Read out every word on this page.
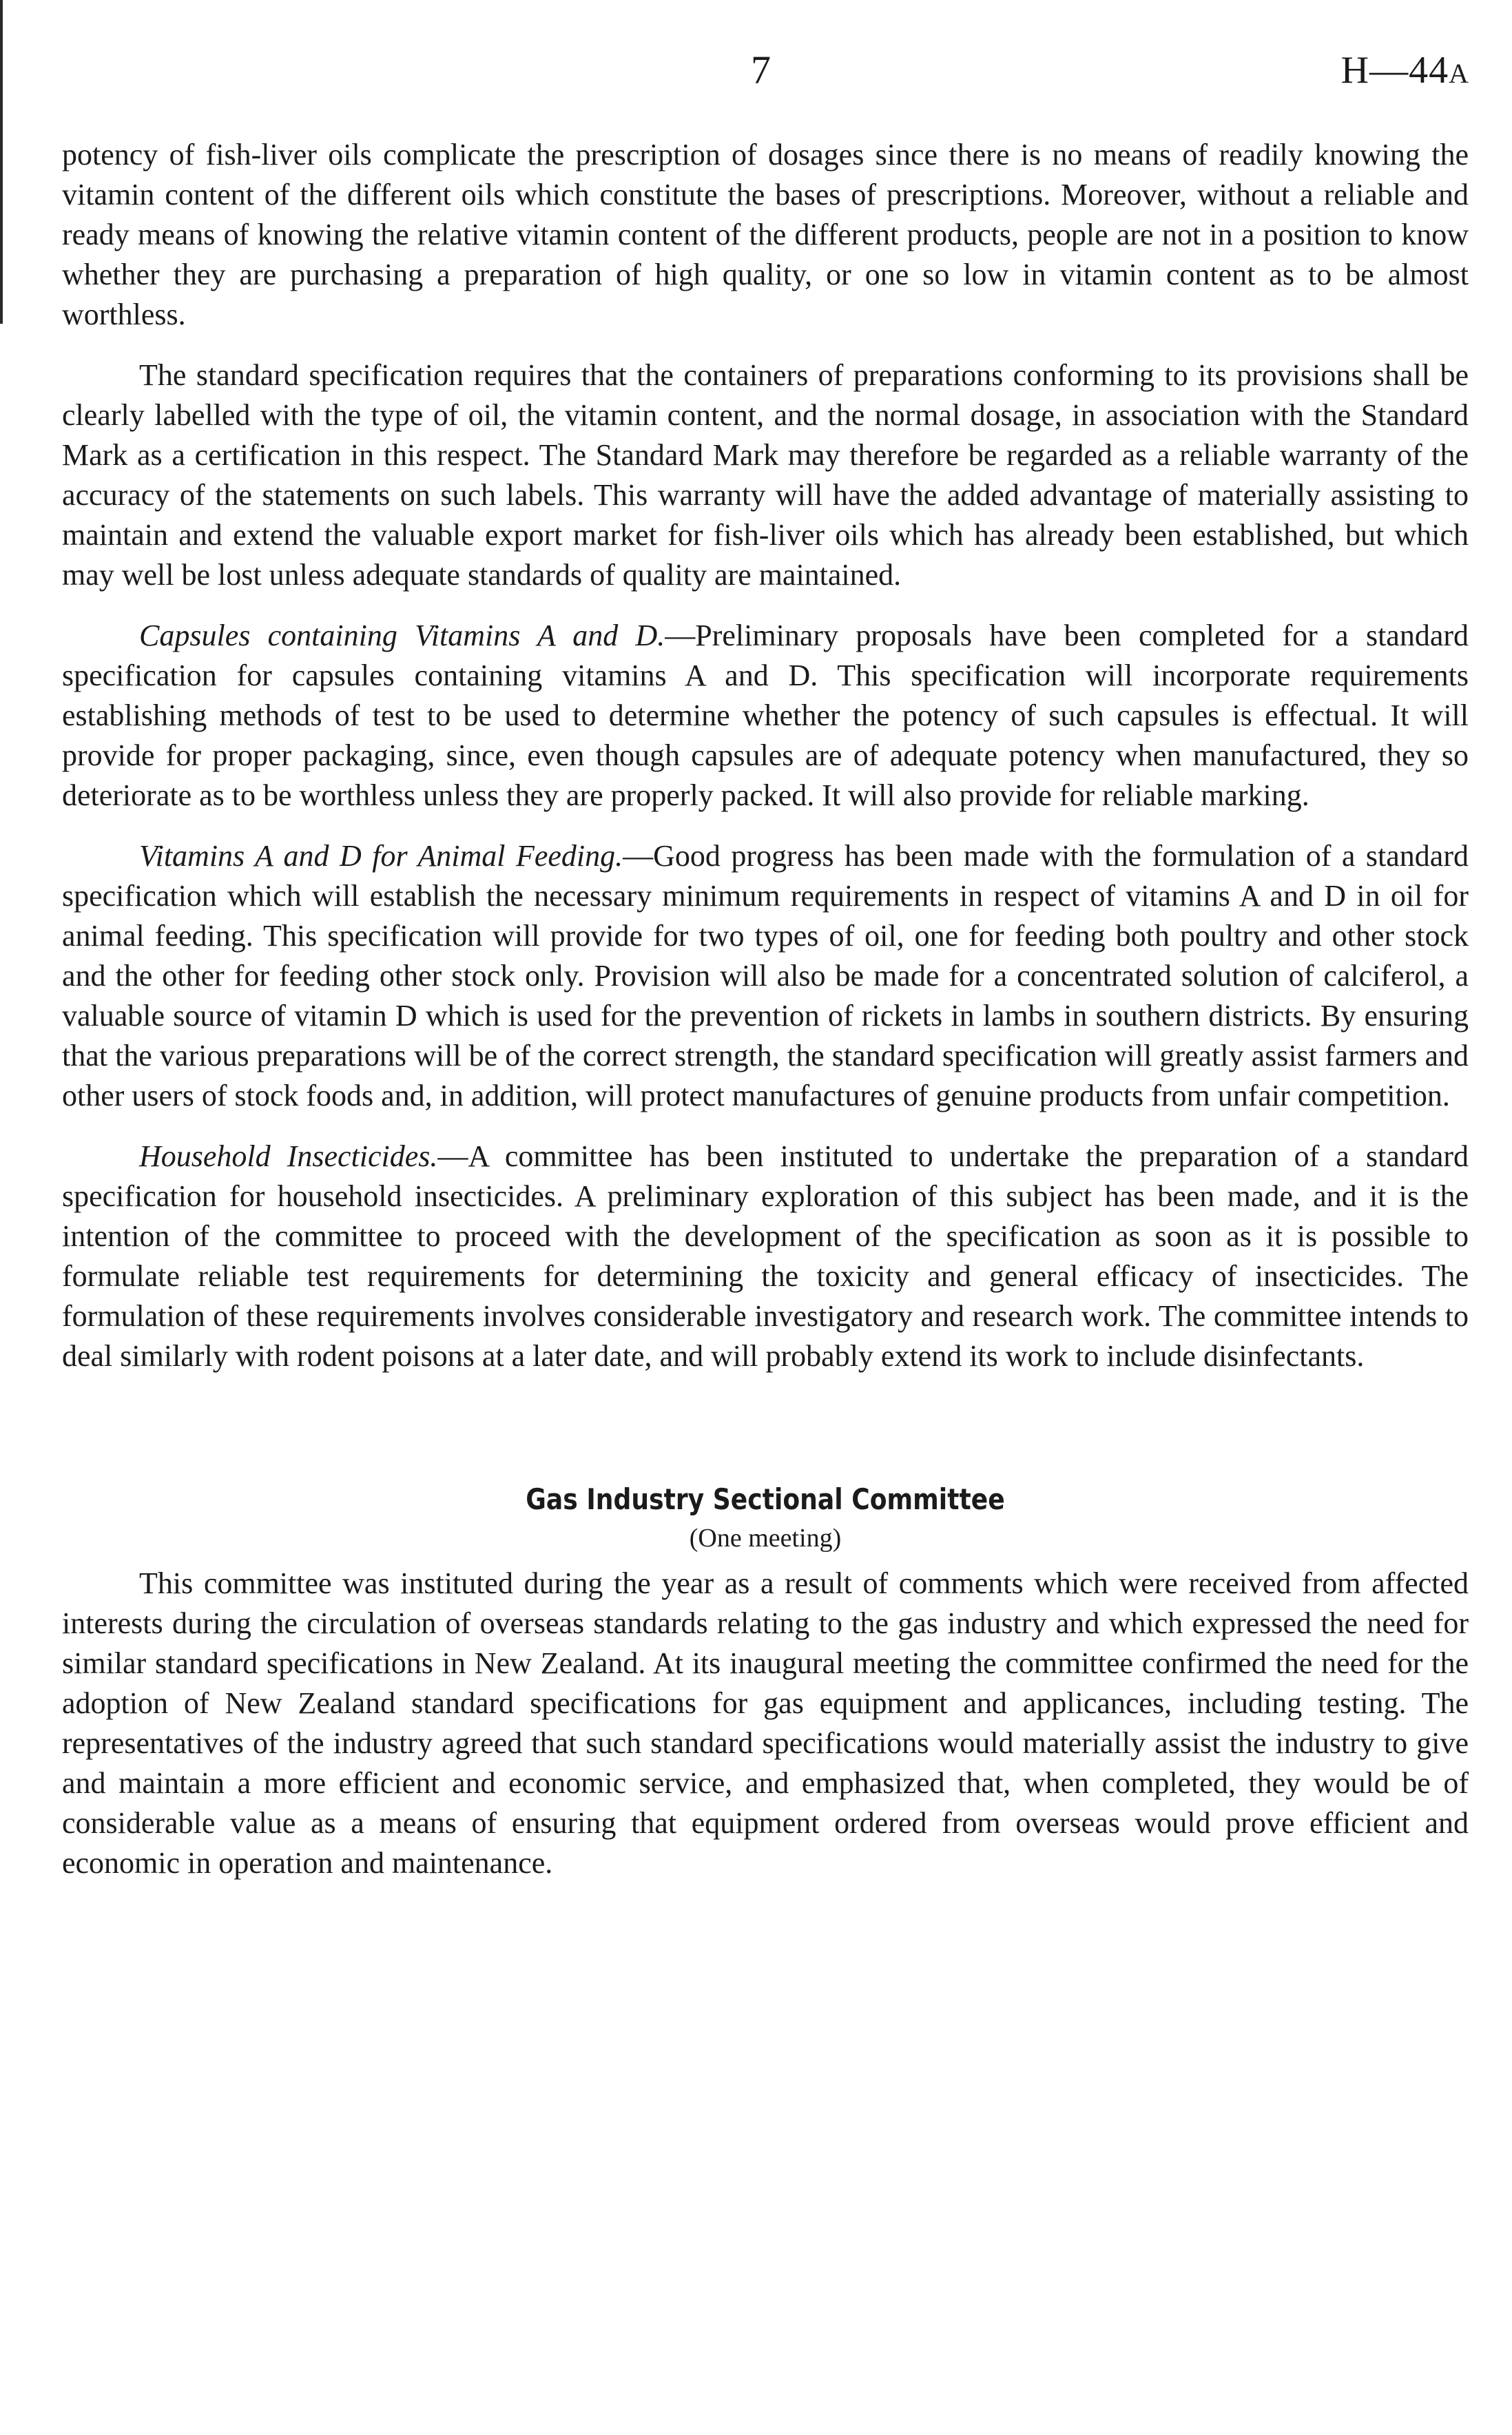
7	H—44A

potency of fish-liver oils complicate the prescription of dosages since there is no means of readily knowing the vitamin content of the different oils which constitute the bases of prescriptions. Moreover, without a reliable and ready means of knowing the relative vitamin content of the different products, people are not in a position to know whether they are purchasing a preparation of high quality, or one so low in vitamin content as to be almost worthless.

The standard specification requires that the containers of preparations conforming to its provisions shall be clearly labelled with the type of oil, the vitamin content, and the normal dosage, in association with the Standard Mark as a certification in this respect. The Standard Mark may therefore be regarded as a reliable warranty of the accuracy of the statements on such labels. This warranty will have the added advantage of materially assisting to maintain and extend the valuable export market for fish-liver oils which has already been established, but which may well be lost unless adequate standards of quality are maintained.

Capsules containing Vitamins A and D.—Preliminary proposals have been completed for a standard specification for capsules containing vitamins A and D. This specification will incorporate requirements establishing methods of test to be used to determine whether the potency of such capsules is effectual. It will provide for proper packaging, since, even though capsules are of adequate potency when manufactured, they so deteriorate as to be worthless unless they are properly packed. It will also provide for reliable marking.

Vitamins A and D for Animal Feeding.—Good progress has been made with the formulation of a standard specification which will establish the necessary minimum requirements in respect of vitamins A and D in oil for animal feeding. This specification will provide for two types of oil, one for feeding both poultry and other stock and the other for feeding other stock only. Provision will also be made for a concentrated solution of calciferol, a valuable source of vitamin D which is used for the prevention of rickets in lambs in southern districts. By ensuring that the various preparations will be of the correct strength, the standard specification will greatly assist farmers and other users of stock foods and, in addition, will protect manufactures of genuine products from unfair competition.

Household Insecticides.—A committee has been instituted to undertake the preparation of a standard specification for household insecticides. A preliminary exploration of this subject has been made, and it is the intention of the committee to proceed with the development of the specification as soon as it is possible to formulate reliable test requirements for determining the toxicity and general efficacy of insecticides. The formulation of these requirements involves considerable investigatory and research work. The committee intends to deal similarly with rodent poisons at a later date, and will probably extend its work to include disinfectants.

Gas Industry Sectional Committee
(One meeting)

This committee was instituted during the year as a result of comments which were received from affected interests during the circulation of overseas standards relating to the gas industry and which expressed the need for similar standard specifications in New Zealand. At its inaugural meeting the committee confirmed the need for the adoption of New Zealand standard specifications for gas equipment and applicances, including testing. The representatives of the industry agreed that such standard specifications would materially assist the industry to give and maintain a more efficient and economic service, and emphasized that, when completed, they would be of considerable value as a means of ensuring that equipment ordered from overseas would prove efficient and economic in operation and maintenance.
